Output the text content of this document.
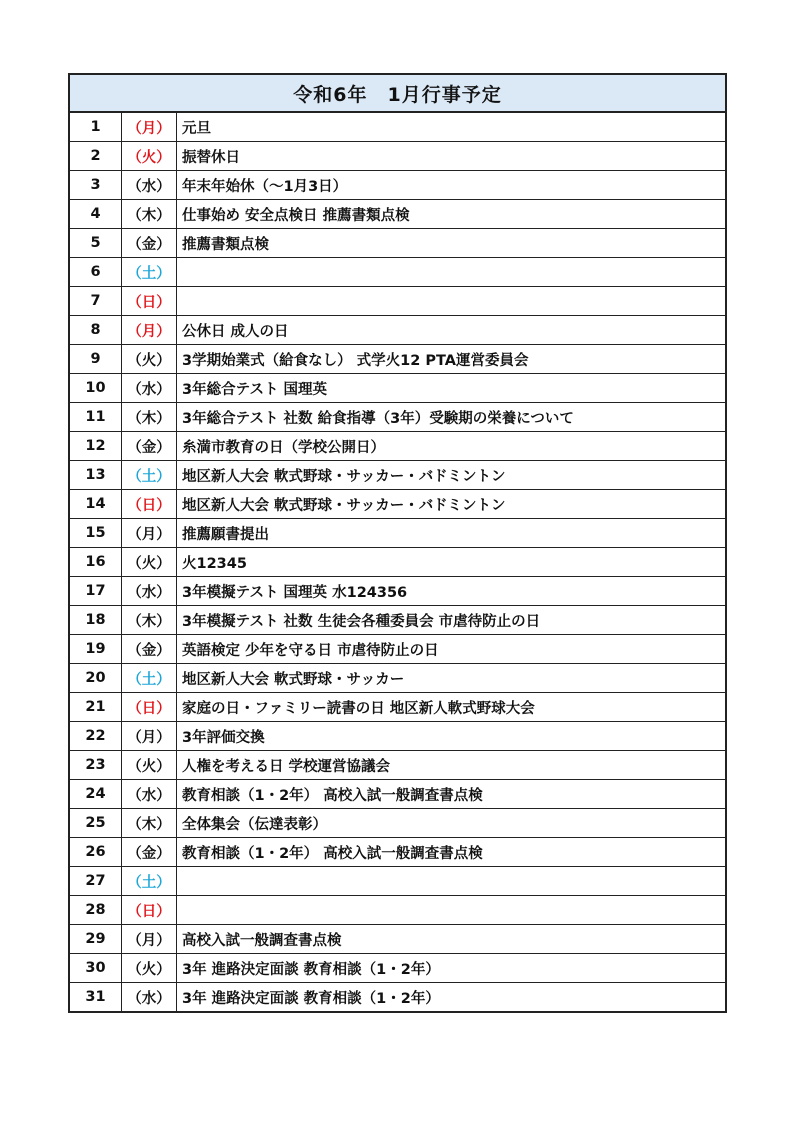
令和6年　1月行事予定
1	（月）	元旦
2	（火）	振替休日
3	（水）	年末年始休（～1月3日）
4	（木）	仕事始め 安全点検日 推薦書類点検
5	（金）	推薦書類点検
6	（土）	
7	（日）	
8	（月）	公休日 成人の日
9	（火）	3学期始業式（給食なし） 式学火12 PTA運営委員会
10	（水）	3年総合テスト 国理英
11	（木）	3年総合テスト 社数 給食指導（3年）受験期の栄養について
12	（金）	糸満市教育の日（学校公開日）
13	（土）	地区新人大会 軟式野球・サッカー・バドミントン
14	（日）	地区新人大会 軟式野球・サッカー・バドミントン
15	（月）	推薦願書提出
16	（火）	火12345
17	（水）	3年模擬テスト 国理英 水124356
18	（木）	3年模擬テスト 社数 生徒会各種委員会 市虐待防止の日
19	（金）	英語検定 少年を守る日 市虐待防止の日
20	（土）	地区新人大会 軟式野球・サッカー
21	（日）	家庭の日・ファミリー読書の日 地区新人軟式野球大会
22	（月）	3年評価交換
23	（火）	人権を考える日 学校運営協議会
24	（水）	教育相談（1・2年） 高校入試一般調査書点検
25	（木）	全体集会（伝達表彰）
26	（金）	教育相談（1・2年） 高校入試一般調査書点検
27	（土）	
28	（日）	
29	（月）	高校入試一般調査書点検
30	（火）	3年 進路決定面談 教育相談（1・2年）
31	（水）	3年 進路決定面談 教育相談（1・2年）
